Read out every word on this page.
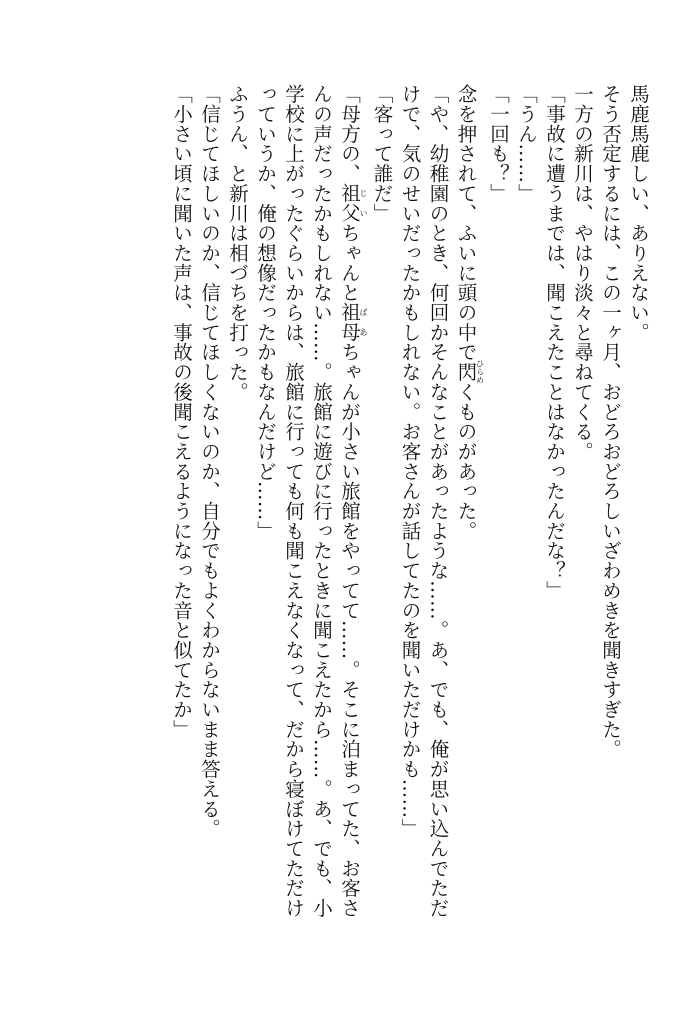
馬鹿馬鹿しい、ありえない。
そう否定するには、この一ヶ月、おどろおどろしいざわめきを聞きすぎた。
一方の新川は、やはり淡々と尋ねてくる。
「事故に遭うまでは、聞こえたことはなかったんだな？」
「うん……」
「一回も？」
念を押されて、ふいに頭の中で閃ひらめくものがあった。
「や、幼稚園のとき、何回かそんなことがあったような……。あ、でも、俺が思い込んでただ
けで、気のせいだったかもしれない。お客さんが話してたのを聞いただけかも……」
「客って誰だ」
「母方の、祖父じいちゃんと祖母ばあちゃんが小さい旅館をやってて……。そこに泊まってた、お客さ
んの声だったかもしれない……。旅館に遊びに行ったときに聞こえたから……。あ、でも、小
学校に上がったぐらいからは、旅館に行っても何も聞こえなくなって、だから寝ぼけてただけ
っていうか、俺の想像だったかもなんだけど……」
ふうん、と新川は相づちを打った。
「信じてほしいのか、信じてほしくないのか、自分でもよくわからないまま答える。
「小さい頃に聞いた声は、事故の後聞こえるようになった音と似てたか」
